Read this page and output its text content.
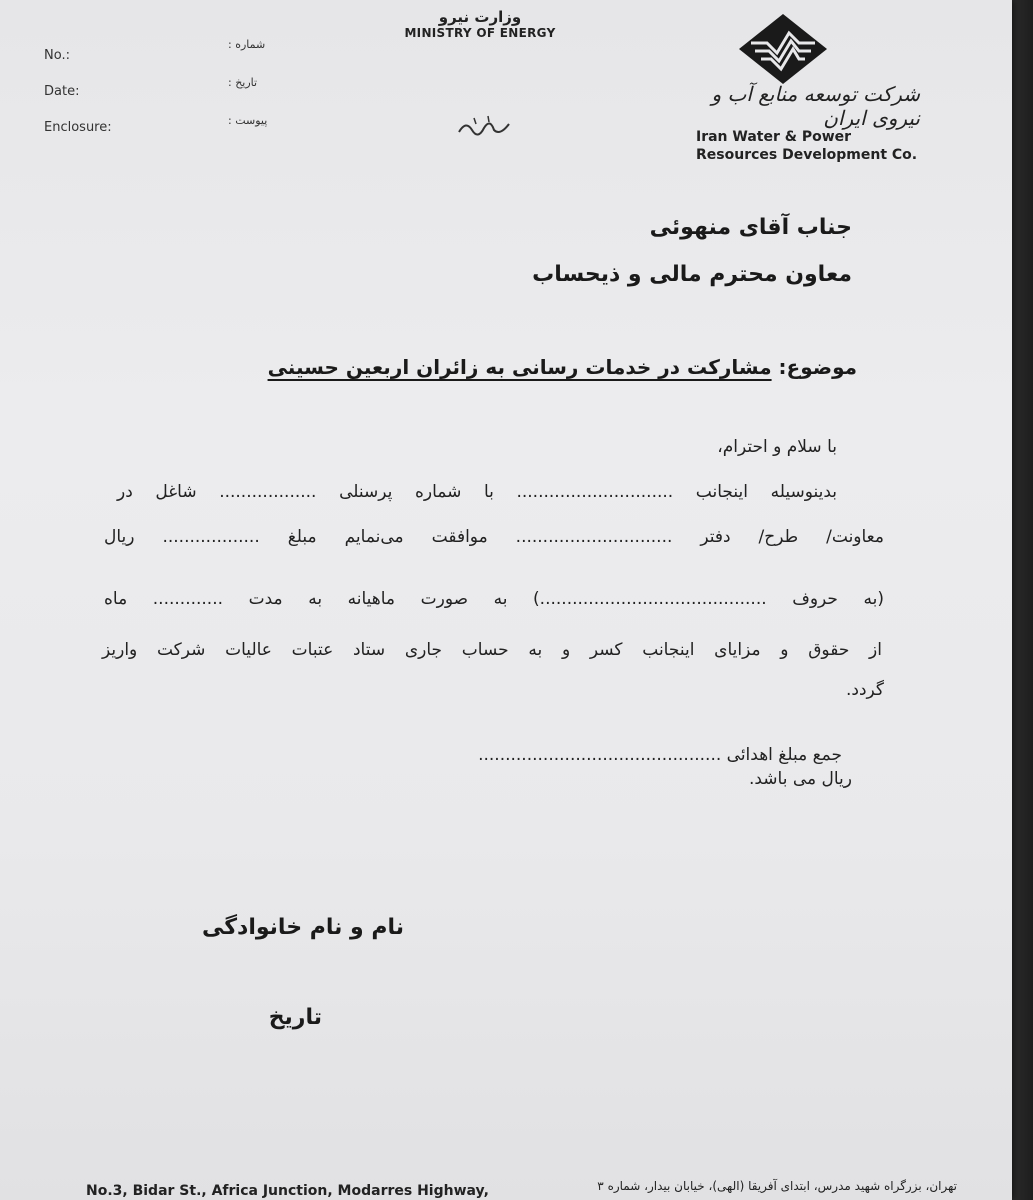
No.:
Date:
Enclosure:
شماره :
تاریخ :
پیوست :
وزارت نیرو
MINISTRY OF ENERGY
شرکت توسعه منابع آب و نیروی ایران
Iran Water & Power
Resources Development Co.
جناب آقای منهوئی
معاون محترم مالی و ذیحساب
موضوع: مشارکت در خدمات رسانی به زائران اربعین حسینی
با سلام و احترام،
بدینوسیله اینجانب ............................. با شماره پرسنلی .................. شاغل در
معاونت/ طرح/ دفتر ............................. موافقت می‌نمایم مبلغ .................. ریال
(به حروف ..........................................) به صورت ماهیانه به مدت ............. ماه
از حقوق و مزایای اینجانب کسر و به حساب جاری ستاد عتبات عالیات شرکت واریز
گردد.
جمع مبلغ اهدائی .............................................
ریال می باشد.
نام و نام خانوادگی
تاریخ
No.3, Bidar St., Africa Junction, Modarres Highway,	تهران، بزرگراه شهید مدرس، ابتدای آفریقا (الهی)، خیابان بیدار، شماره ۳
